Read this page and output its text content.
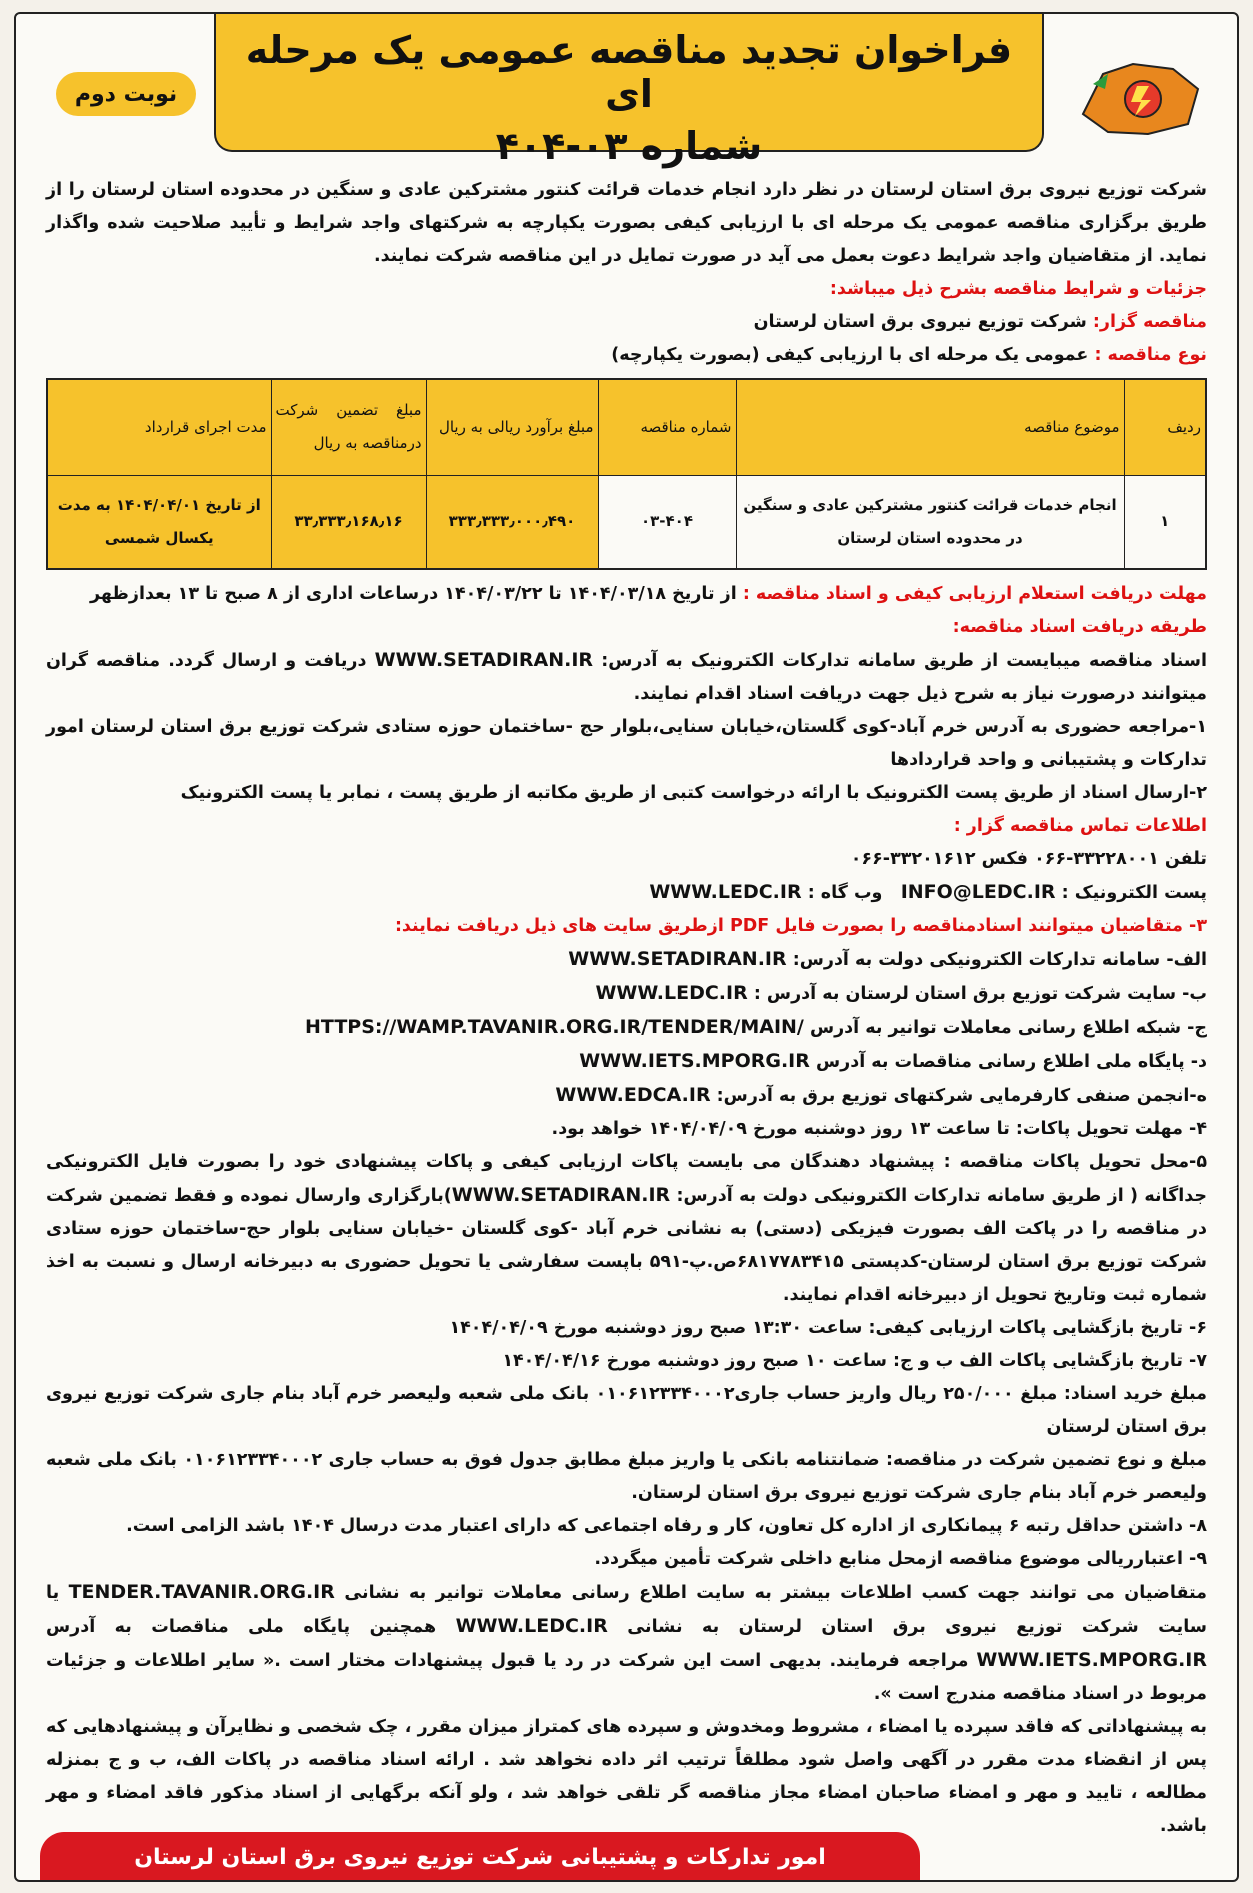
نوبت دوم
فراخوان تجدید مناقصه عمومی یک مرحله ای
شماره ۰۳-۴۰۴

شرکت توزیع نیروی برق استان لرستان در نظر دارد انجام خدمات قرائت کنتور مشترکین عادی و سنگین در محدوده استان لرستان را از طریق برگزاری مناقصه عمومی یک مرحله ای با ارزیابی کیفی بصورت یکپارچه به شرکتهای واجد شرایط و تأیید صلاحیت شده واگذار نماید. از متقاضیان واجد شرایط دعوت بعمل می آید در صورت تمایل در این مناقصه شرکت نمایند.

جزئیات و شرایط مناقصه بشرح ذیل میباشد:

مناقصه گزار: شرکت توزیع نیروی برق استان لرستان

نوع مناقصه : عمومی یک مرحله ای با ارزیابی کیفی (بصورت یکپارچه)

ردیف	موضوع مناقصه	شماره مناقصه	مبلغ برآورد ریالی به ریال	مبلغ تضمین شرکت درمناقصه به ریال	مدت اجرای قرارداد
۱	انجام خدمات قرائت کنتور مشترکین عادی و سنگین در محدوده استان لرستان	۰۳-۴۰۴	۳۳۳٫۳۳۳٫۰۰۰٫۴۹۰	۳۳٫۳۳۳٫۱۶۸٫۱۶	از تاریخ ۱۴۰۴/۰۴/۰۱ به مدت یکسال شمسی

مهلت دریافت استعلام ارزیابی کیفی و اسناد مناقصه : از تاریخ ۱۴۰۴/۰۳/۱۸ تا ۱۴۰۴/۰۳/۲۲ درساعات اداری از ۸ صبح تا ۱۳ بعدازظهر

طریقه دریافت اسناد مناقصه:

اسناد مناقصه میبایست از طریق سامانه تدارکات الکترونیک به آدرس: WWW.SETADIRAN.IR دریافت و ارسال گردد. مناقصه گران میتوانند درصورت نیاز به شرح ذیل جهت دریافت اسناد اقدام نمایند.

۱-مراجعه حضوری به آدرس خرم آباد-کوی گلستان،خیابان سنایی،بلوار حج -ساختمان حوزه ستادی شرکت توزیع برق استان لرستان امور تدارکات و پشتیبانی و واحد قراردادها

۲-ارسال اسناد از طریق پست الکترونیک با ارائه درخواست کتبی از طریق مکاتبه از طریق پست ، نمابر یا پست الکترونیک

اطلاعات تماس مناقصه گزار :

تلفن ۳۳۲۲۸۰۰۱-۰۶۶ فکس ۳۳۲۰۱۶۱۲-۰۶۶

پست الکترونیک : INFO@LEDC.IR   وب گاه : WWW.LEDC.IR

۳- متقاضیان میتوانند اسنادمناقصه را بصورت فایل PDF ازطریق سایت های ذیل دریافت نمایند:

الف- سامانه تدارکات الکترونیکی دولت به آدرس: WWW.SETADIRAN.IR

ب- سایت شرکت توزیع برق استان لرستان به آدرس : WWW.LEDC.IR

ج- شبکه اطلاع رسانی معاملات توانیر به آدرس HTTPS://WAMP.TAVANIR.ORG.IR/TENDER/MAIN/

د- پایگاه ملی اطلاع رسانی مناقصات به آدرس WWW.IETS.MPORG.IR

ه-انجمن صنفی کارفرمایی شرکتهای توزیع برق به آدرس: WWW.EDCA.IR

۴- مهلت تحویل پاکات: تا ساعت ۱۳ روز دوشنبه مورخ ۱۴۰۴/۰۴/۰۹ خواهد بود.

۵-محل تحویل پاکات مناقصه : پیشنهاد دهندگان می بایست پاکات ارزیابی کیفی و پاکات پیشنهادی خود را بصورت فایل الکترونیکی جداگانه ( از طریق سامانه تدارکات الکترونیکی دولت به آدرس: WWW.SETADIRAN.IR)بارگزاری وارسال نموده و فقط تضمین شرکت در مناقصه را در پاکت الف بصورت فیزیکی (دستی) به نشانی خرم آباد -کوی گلستان -خیابان سنایی بلوار حج-ساختمان حوزه ستادی شرکت توزیع برق استان لرستان-کدپستی ۶۸۱۷۷۸۳۴۱۵ص.پ-۵۹۱ باپست سفارشی یا تحویل حضوری به دبیرخانه ارسال و نسبت به اخذ شماره ثبت وتاریخ تحویل از دبیرخانه اقدام نمایند.

۶- تاریخ بازگشایی پاکات ارزیابی کیفی: ساعت ۱۳:۳۰ صبح روز دوشنبه مورخ ۱۴۰۴/۰۴/۰۹

۷- تاریخ بازگشایی پاکات الف ب و ج: ساعت ۱۰ صبح روز دوشنبه مورخ ۱۴۰۴/۰۴/۱۶

مبلغ خرید اسناد: مبلغ ۲۵۰/۰۰۰ ریال واریز حساب جاری۰۱۰۶۱۲۳۳۴۰۰۰۲ بانک ملی شعبه ولیعصر خرم آباد بنام جاری شرکت توزیع نیروی برق استان لرستان

مبلغ و نوع تضمین شرکت در مناقصه: ضمانتنامه بانکی یا واریز مبلغ مطابق جدول فوق به حساب جاری ۰۱۰۶۱۲۳۳۴۰۰۰۲ بانک ملی شعبه ولیعصر خرم آباد بنام جاری شرکت توزیع نیروی برق استان لرستان.

۸- داشتن حداقل رتبه ۶ پیمانکاری از اداره کل تعاون، کار و رفاه اجتماعی که دارای اعتبار مدت درسال ۱۴۰۴ باشد الزامی است.

۹- اعتبارریالی موضوع مناقصه ازمحل منابع داخلی شرکت تأمین میگردد.

متقاضیان می توانند جهت کسب اطلاعات بیشتر به سایت اطلاع رسانی معاملات توانیر به نشانی TENDER.TAVANIR.ORG.IR یا سایت شرکت توزیع نیروی برق استان لرستان به نشانی WWW.LEDC.IR همچنین پایگاه ملی مناقصات به آدرس WWW.IETS.MPORG.IR مراجعه فرمایند. بدیهی است این شرکت در رد یا قبول پیشنهادات مختار است .« سایر اطلاعات و جزئیات مربوط در اسناد مناقصه مندرج است ».

به پیشنهاداتی که فاقد سپرده یا امضاء ، مشروط ومخدوش و سپرده های کمتراز میزان مقرر ، چک شخصی و نظایرآن و پیشنهادهایی که پس از انقضاء مدت مقرر در آگهی واصل شود مطلقاً ترتیب اثر داده نخواهد شد . ارائه اسناد مناقصه در پاکات الف، ب و ج بمنزله مطالعه ، تایید و مهر و امضاء صاحبان امضاء مجاز مناقصه گر تلقی خواهد شد ، ولو آنکه برگهایی از اسناد مذکور فاقد امضاء و مهر باشد.

امور تدارکات و پشتیبانی شرکت توزیع نیروی برق استان لرستان
